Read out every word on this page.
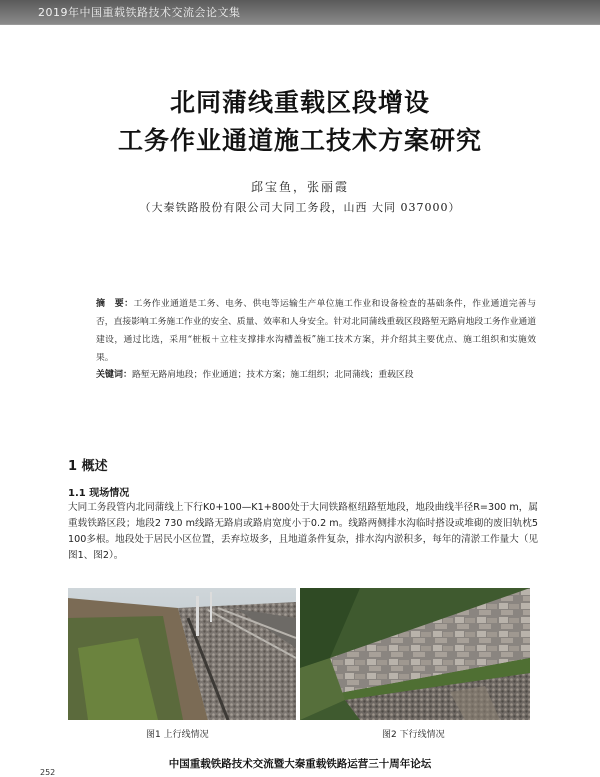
2019年中国重载铁路技术交流会论文集
北同蒲线重载区段增设
工务作业通道施工技术方案研究
邱宝鱼，张丽霞
（大秦铁路股份有限公司大同工务段，山西 大同 037000）
摘　要：工务作业通道是工务、电务、供电等运输生产单位施工作业和设备检查的基础条件，作业通道完善与否，直接影响工务施工作业的安全、质量、效率和人身安全。针对北同蒲线重载区段路堑无路肩地段工务作业通道建设，通过比选，采用“桩板＋立柱支撑排水沟槽盖板”施工技术方案，并介绍其主要优点、施工组织和实施效果。
关键词：路堑无路肩地段；作业通道；技术方案；施工组织；北同蒲线；重载区段
1 概述
1.1 现场情况
大同工务段管内北同蒲线上下行K0+100—K1+800处于大同铁路枢纽路堑地段，地段曲线半径R=300 m，属重载铁路区段；地段2 730 m线路无路肩或路肩宽度小于0.2 m。线路两侧排水沟临时搭设或堆砌的废旧轨枕5 100多根。地段处于居民小区位置，丢弃垃圾多，且地道条件复杂，排水沟内淤积多，每年的清淤工作量大（见图1、图2）。
图1 上行线情况	图2 下行线情况
中国重载铁路技术交流暨大秦重载铁路运营三十周年论坛
252
